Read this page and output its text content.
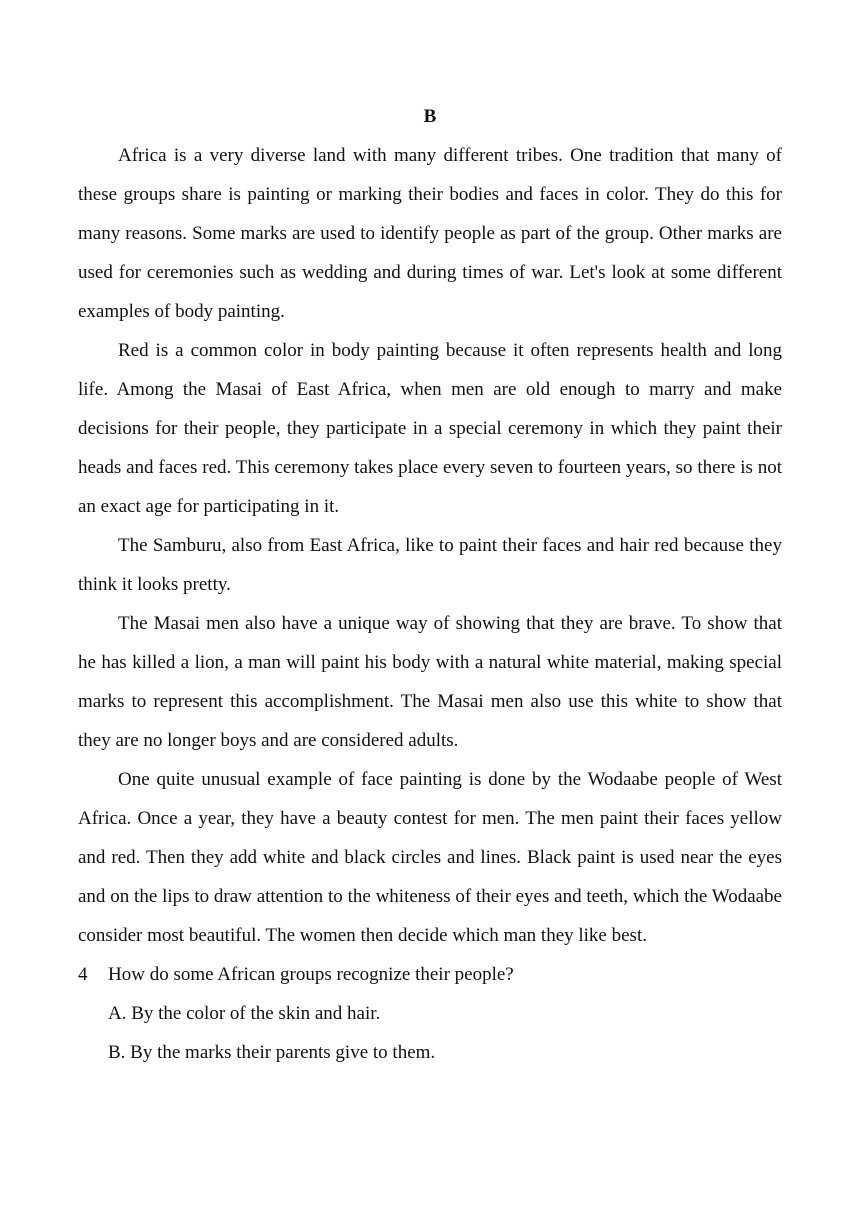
B

Africa is a very diverse land with many different tribes. One tradition that many of these groups share is painting or marking their bodies and faces in color. They do this for many reasons. Some marks are used to identify people as part of the group. Other marks are used for ceremonies such as wedding and during times of war. Let's look at some different examples of body painting.

Red is a common color in body painting because it often represents health and long life. Among the Masai of East Africa, when men are old enough to marry and make decisions for their people, they participate in a special ceremony in which they paint their heads and faces red. This ceremony takes place every seven to fourteen years, so there is not an exact age for participating in it.

The Samburu, also from East Africa, like to paint their faces and hair red because they think it looks pretty.

The Masai men also have a unique way of showing that they are brave. To show that he has killed a lion, a man will paint his body with a natural white material, making special marks to represent this accomplishment. The Masai men also use this white to show that they are no longer boys and are considered adults.

One quite unusual example of face painting is done by the Wodaabe people of West Africa. Once a year, they have a beauty contest for men. The men paint their faces yellow and red. Then they add white and black circles and lines. Black paint is used near the eyes and on the lips to draw attention to the whiteness of their eyes and teeth, which the Wodaabe consider most beautiful. The women then decide which man they like best.

4	How do some African groups recognize their people?

A. By the color of the skin and hair.

B. By the marks their parents give to them.
